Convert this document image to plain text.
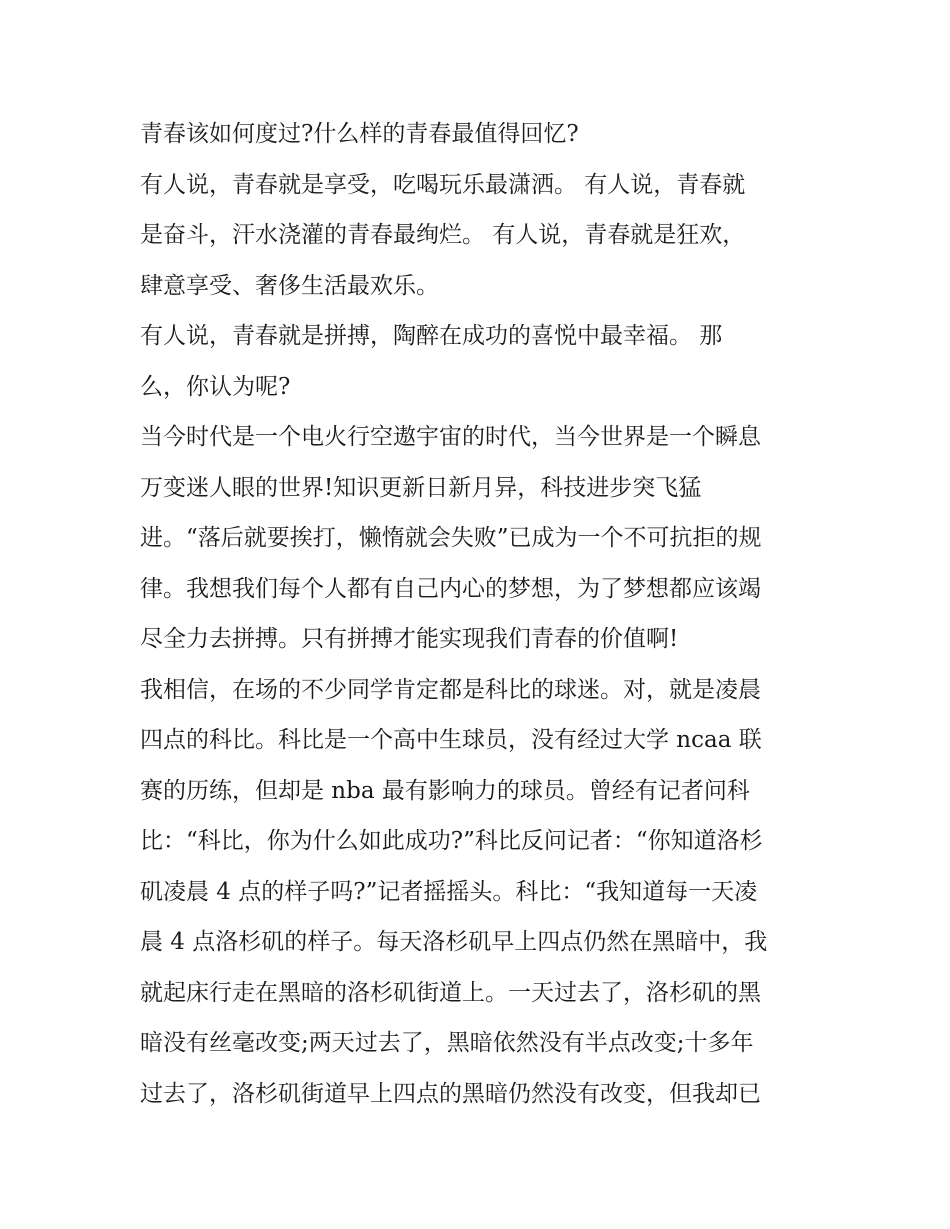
青春该如何度过?什么样的青春最值得回忆?
有人说，青春就是享受，吃喝玩乐最潇洒。 有人说，青春就
是奋斗，汗水浇灌的青春最绚烂。 有人说，青春就是狂欢，
肆意享受、奢侈生活最欢乐。
有人说，青春就是拼搏，陶醉在成功的喜悦中最幸福。 那
么，你认为呢?
当今时代是一个电火行空遨宇宙的时代，当今世界是一个瞬息
万变迷人眼的世界!知识更新日新月异，科技进步突飞猛
进。“落后就要挨打，懒惰就会失败”已成为一个不可抗拒的规
律。我想我们每个人都有自己内心的梦想，为了梦想都应该竭
尽全力去拼搏。只有拼搏才能实现我们青春的价值啊!
我相信，在场的不少同学肯定都是科比的球迷。对，就是凌晨
四点的科比。科比是一个高中生球员，没有经过大学 ncaa 联
赛的历练，但却是 nba 最有影响力的球员。曾经有记者问科
比：“科比，你为什么如此成功?”科比反问记者：“你知道洛杉
矶凌晨 4 点的样子吗?”记者摇摇头。科比：“我知道每一天凌
晨 4 点洛杉矶的样子。每天洛杉矶早上四点仍然在黑暗中，我
就起床行走在黑暗的洛杉矶街道上。一天过去了，洛杉矶的黑
暗没有丝毫改变;两天过去了，黑暗依然没有半点改变;十多年
过去了，洛杉矶街道早上四点的黑暗仍然没有改变，但我却已
